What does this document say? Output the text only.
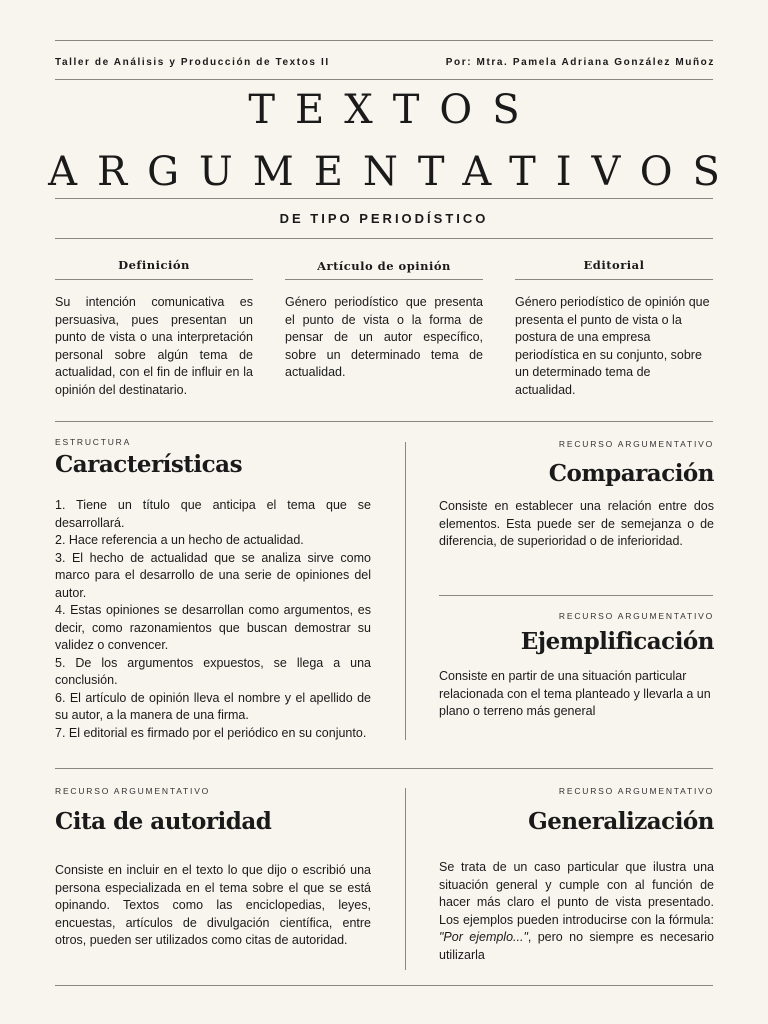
Taller de Análisis y Producción de Textos II	Por: Mtra. Pamela Adriana González Muñoz
TEXTOS
ARGUMENTATIVOS
DE TIPO PERIODÍSTICO
Definición
Su intención comunicativa es persuasiva, pues presentan un punto de vista o una interpretación personal sobre algún tema de actualidad, con el fin de influir en la opinión del destinatario.
Artículo de opinión
Género periodístico que presenta el punto de vista o la forma de pensar de un autor específico, sobre un determinado tema de actualidad.
Editorial
Género periodístico de opinión que presenta el punto de vista o la postura de una empresa periodística en su conjunto, sobre un determinado tema de actualidad.
ESTRUCTURA
Características
1. Tiene un título que anticipa el tema que se desarrollará.
2. Hace referencia a un hecho de actualidad.
3. El hecho de actualidad que se analiza sirve como marco para el desarrollo de una serie de opiniones del autor.
4. Estas opiniones se desarrollan como argumentos, es decir, como razonamientos que buscan demostrar su validez o convencer.
5. De los argumentos expuestos, se llega a una conclusión.
6. El artículo de opinión lleva el nombre y el apellido de su autor, a la manera de una firma.
7. El editorial es firmado por el periódico en su conjunto.
RECURSO ARGUMENTATIVO
Comparación
Consiste en establecer una relación entre dos elementos. Esta puede ser de semejanza o de diferencia, de superioridad o de inferioridad.
RECURSO ARGUMENTATIVO
Ejemplificación
Consiste en partir de una situación particular relacionada con el tema planteado y llevarla a un plano o terreno más general
RECURSO ARGUMENTATIVO
Cita de autoridad
Consiste en incluir en el texto lo que dijo o escribió una persona especializada en el tema sobre el que se está opinando. Textos como las enciclopedias, leyes, encuestas, artículos de divulgación científica, entre otros, pueden ser utilizados como citas de autoridad.
RECURSO ARGUMENTATIVO
Generalización
Se trata de un caso particular que ilustra una situación general y cumple con al función de hacer más claro el punto de vista presentado. Los ejemplos pueden introducirse con la fórmula: "Por ejemplo...", pero no siempre es necesario utilizarla
